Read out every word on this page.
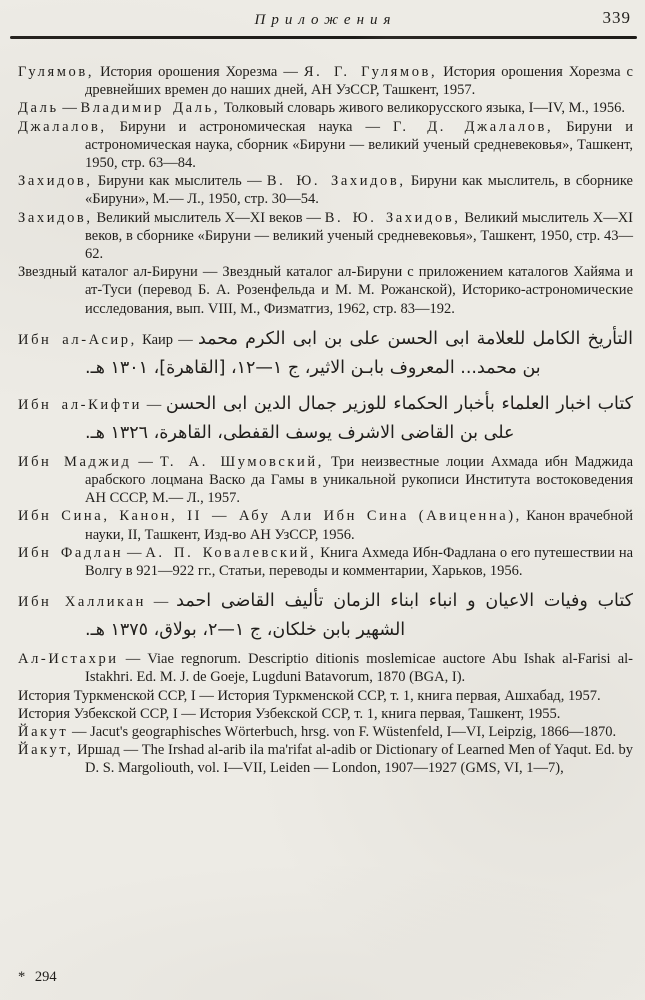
Приложения	339

Гулямов, История орошения Хорезма — Я. Г. Гулямов, История орошения Хорезма с древнейших времен до наших дней, АН УзССР, Ташкент, 1957.

Даль — Владимир Даль, Толковый словарь живого великорусского языка, I—IV, М., 1956.

Джалалов, Бируни и астрономическая наука — Г. Д. Джалалов, Бируни и астрономическая наука, сборник «Бируни — великий ученый средневековья», Ташкент, 1950, стр. 63—84.

Захидов, Бируни как мыслитель — В. Ю. Захидов, Бируни как мыслитель, в сборнике «Бируни», М.— Л., 1950, стр. 30—54.

Захидов, Великий мыслитель X—XI веков — В. Ю. Захидов, Великий мыслитель X—XI веков, в сборнике «Бируни — великий ученый средневековья», Ташкент, 1950, стр. 43—62.

Звездный каталог ал-Бируни — Звездный каталог ал-Бируни с приложением каталогов Хайяма и ат-Туси (перевод Б. А. Розенфельда и М. М. Рожанской), Историко-астрономические исследования, вып. VIII, М., Физматгиз, 1962, стр. 83—192.

Ибн ал-Асир, Каир — التأريخ الكامل للعلامة ابى الحسن على بن ابى الكرم محمد بن محمد... المعروف بابـن الاثير، ج ١—١٢، [القاهرة]، ١٣٠١ هـ.

Ибн ал-Кифти — كتاب اخبار العلماء بأخبار الحكماء للوزير جمال الدين ابى الحسن على بن القاضى الاشرف يوسف القفطى، القاهرة، ١٣٢٦ هـ.

Ибн Маджид — Т. А. Шумовский, Три неизвестные лоции Ахмада ибн Маджида арабского лоцмана Васко да Гамы в уникальной рукописи Института востоковедения АН СССР, М.— Л., 1957.

Ибн Сина, Канон, II — Абу Али Ибн Сина (Авиценна), Канон врачебной науки, II, Ташкент, Изд-во АН УзССР, 1956.

Ибн Фадлан — А. П. Ковалевский, Книга Ахмеда Ибн-Фадлана о его путешествии на Волгу в 921—922 гг., Статьи, переводы и комментарии, Харьков, 1956.

Ибн Халликан — كتاب وفيات الاعيان و انباء ابناء الزمان تأليف القاضى احمد الشهير بابن خلكان، ج ١—٢، بولاق، ١٣٧٥ هـ.

Ал-Истахри — Viae regnorum. Descriptio ditionis moslemicae auctore Abu Ishak al-Farisi al-Istakhri. Ed. M. J. de Goeje, Lugduni Batavorum, 1870 (BGA, I).

История Туркменской ССР, I — История Туркменской ССР, т. 1, книга первая, Ашхабад, 1957.

История Узбекской ССР, I — История Узбекской ССР, т. 1, книга первая, Ташкент, 1955.

Йакут — Jacut's geographisches Wörterbuch, hrsg. von F. Wüstenfeld, I—VI, Leipzig, 1866—1870.

Йакут, Иршад — The Irshad al-arib ila ma'rifat al-adib or Dictionary of Learned Men of Yaqut. Ed. by D. S. Margoliouth, vol. I—VII, Leiden — London, 1907—1927 (GMS, VI, 1—7),

* 294
